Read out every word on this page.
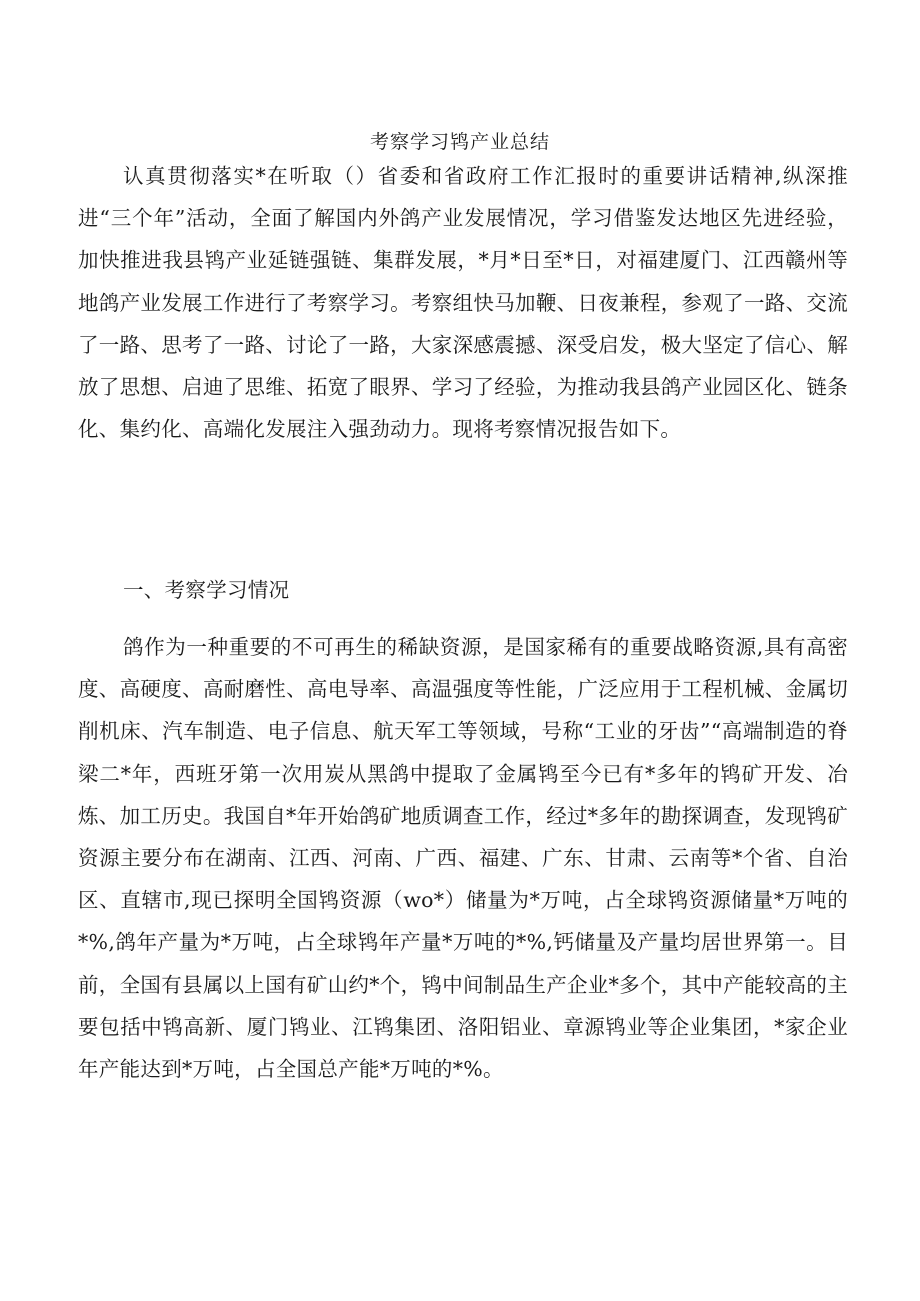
考察学习鸨产业总结

认真贯彻落实*在听取（）省委和省政府工作汇报时的重要讲话精神,纵深推进“三个年”活动，全面了解国内外鸽产业发展情况，学习借鉴发达地区先进经验，加快推进我县鸨产业延链强链、集群发展，*月*日至*日，对福建厦门、江西赣州等地鸽产业发展工作进行了考察学习。考察组快马加鞭、日夜兼程，参观了一路、交流了一路、思考了一路、讨论了一路，大家深感震撼、深受启发，极大坚定了信心、解放了思想、启迪了思维、拓宽了眼界、学习了经验，为推动我县鸽产业园区化、链条化、集约化、高端化发展注入强劲动力。现将考察情况报告如下。

一、考察学习情况

鸽作为一种重要的不可再生的稀缺资源，是国家稀有的重要战略资源,具有高密度、高硬度、高耐磨性、高电导率、高温强度等性能，广泛应用于工程机械、金属切削机床、汽车制造、电子信息、航天军工等领域，号称“工业的牙齿”“高端制造的脊梁二*年，西班牙第一次用炭从黑鸽中提取了金属鸨至今已有*多年的鸨矿开发、冶炼、加工历史。我国自*年开始鸽矿地质调查工作，经过*多年的勘探调查，发现鸨矿资源主要分布在湖南、江西、河南、广西、福建、广东、甘肃、云南等*个省、自治区、直辖市,现已探明全国鸨资源（wo*）储量为*万吨，占全球鸨资源储量*万吨的*%,鸽年产量为*万吨，占全球鸨年产量*万吨的*%,钙储量及产量均居世界第一。目前，全国有县属以上国有矿山约*个，鸨中间制品生产企业*多个，其中产能较高的主要包括中鸨高新、厦门鸨业、江鸨集团、洛阳铝业、章源鸨业等企业集团，*家企业年产能达到*万吨，占全国总产能*万吨的*%。
